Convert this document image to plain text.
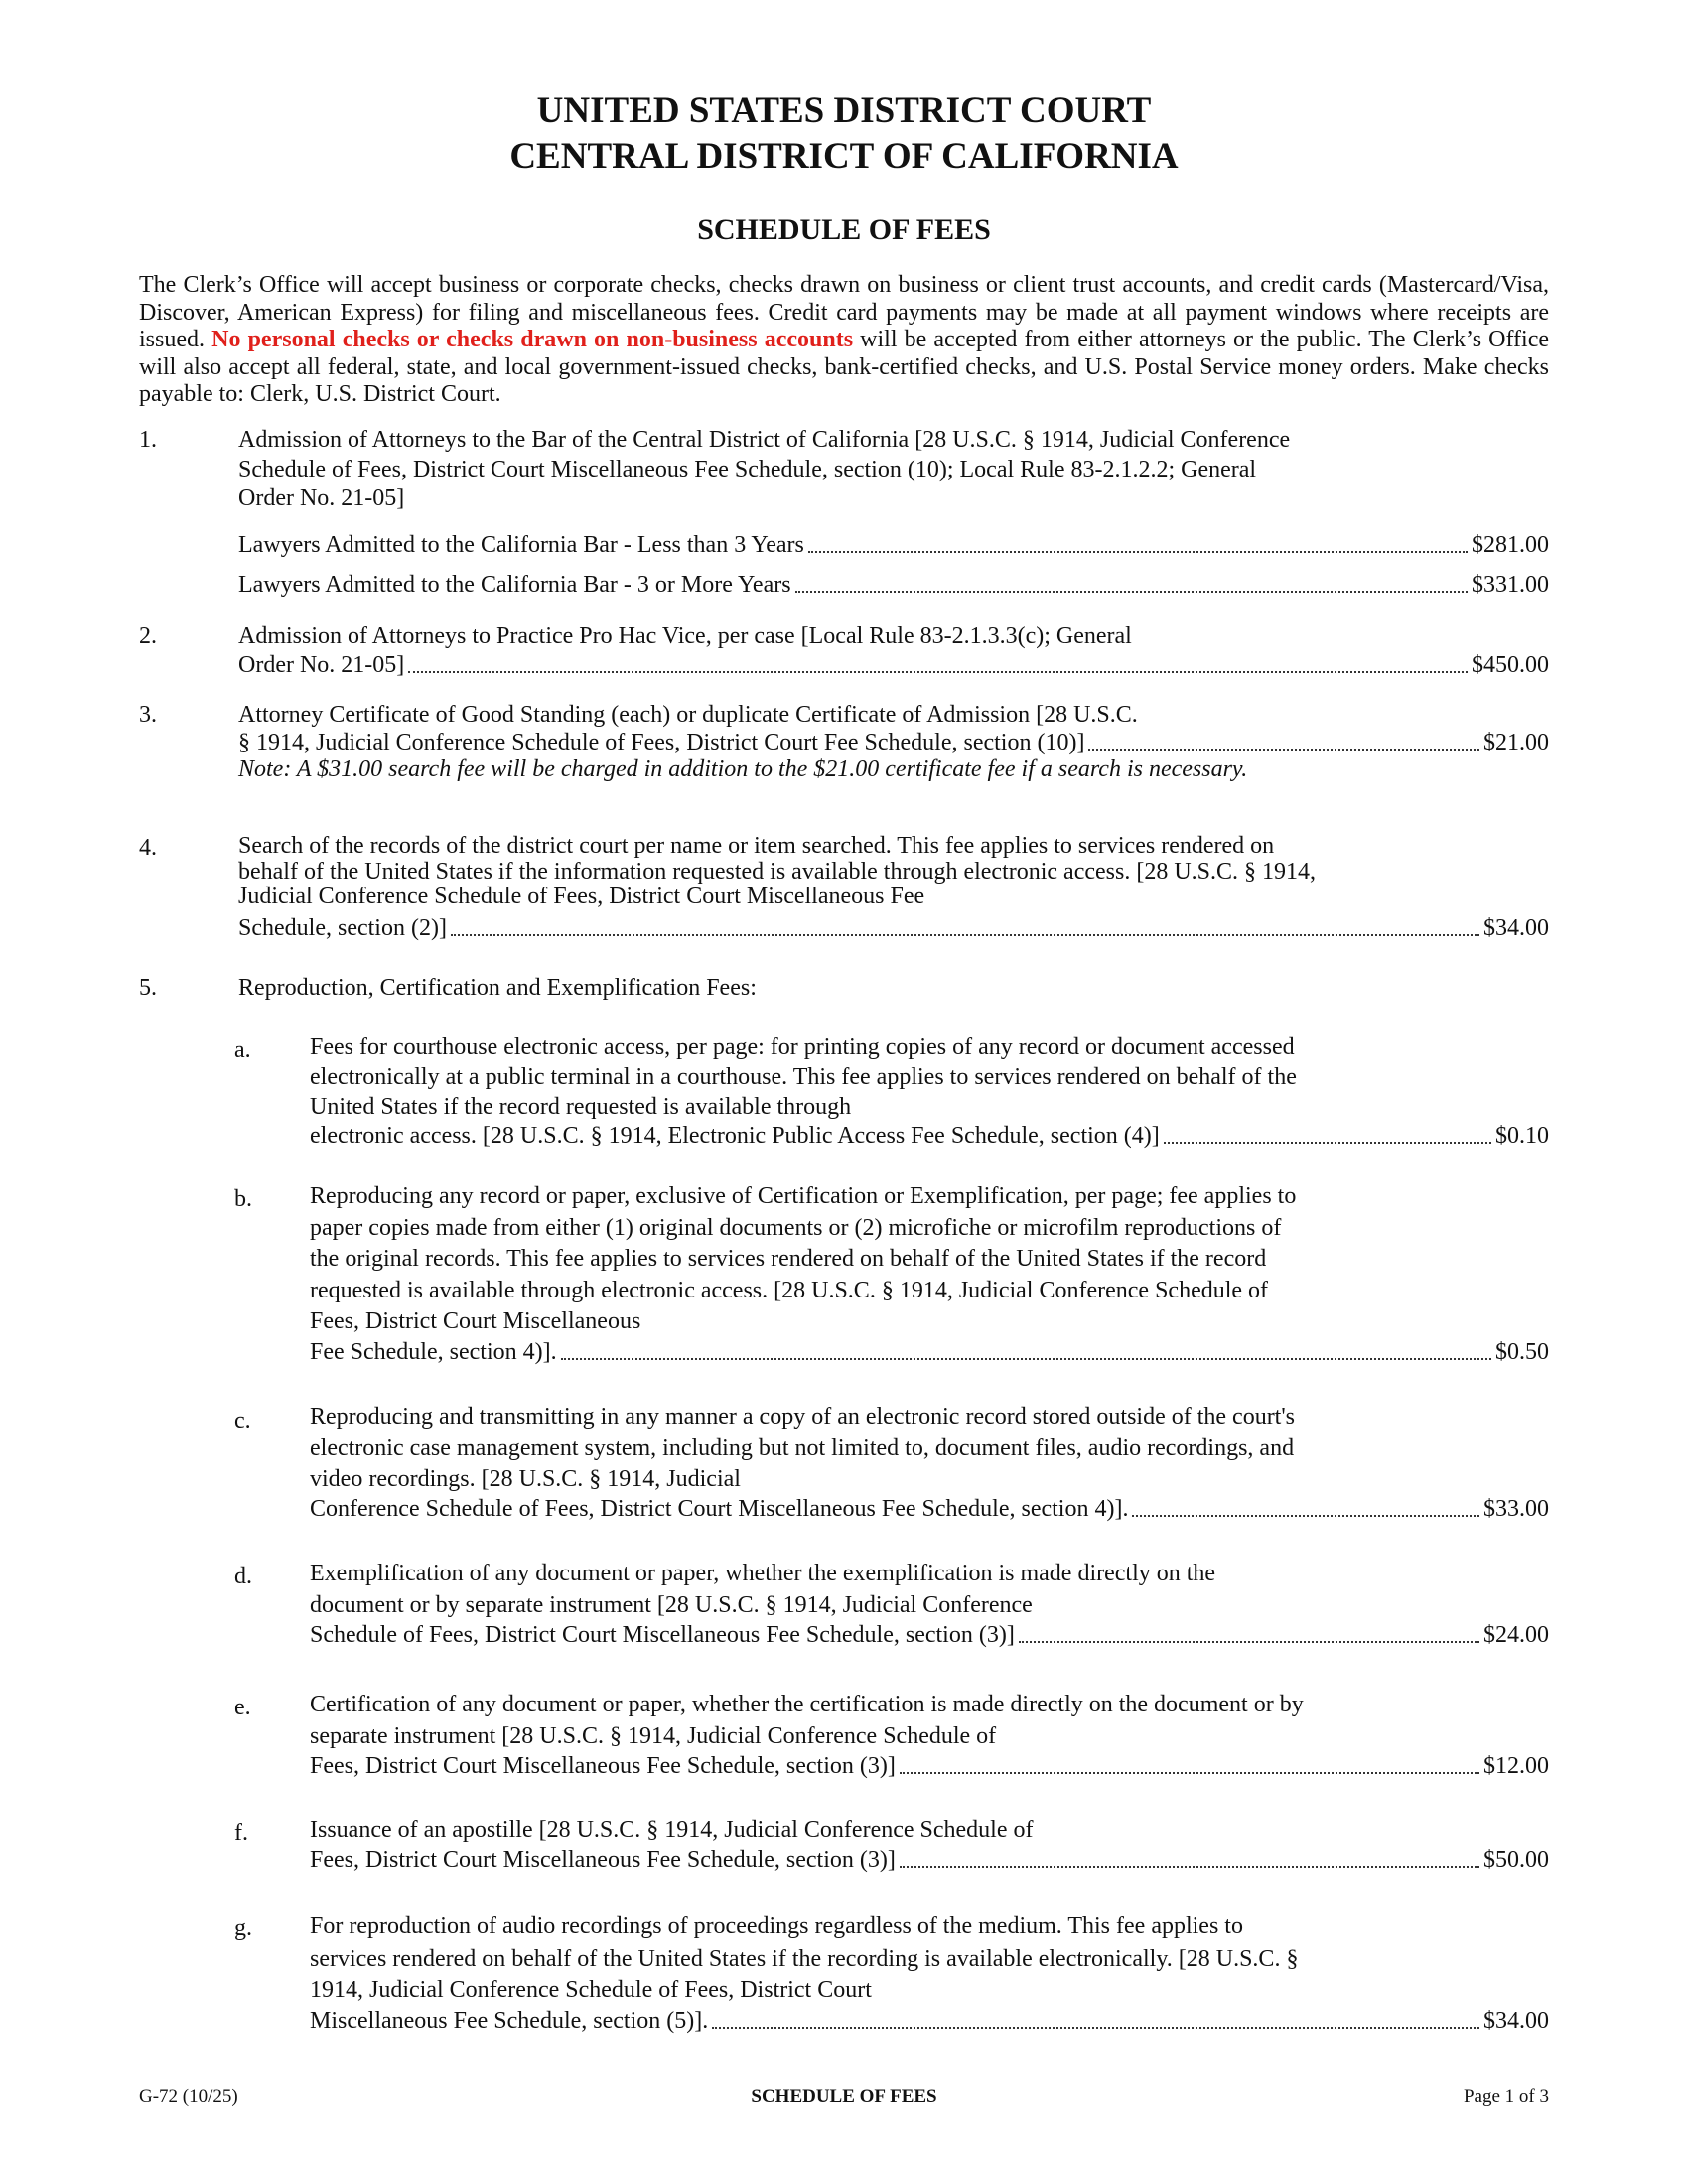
UNITED STATES DISTRICT COURT
CENTRAL DISTRICT OF CALIFORNIA
SCHEDULE OF FEES

The Clerk’s Office will accept business or corporate checks, checks drawn on business or client trust accounts, and credit cards (Mastercard/Visa, Discover, American Express) for filing and miscellaneous fees. Credit card payments may be made at all payment windows where receipts are issued. No personal checks or checks drawn on non-business accounts will be accepted from either attorneys or the public. The Clerk’s Office will also accept all federal, state, and local government-issued checks, bank-certified checks, and U.S. Postal Service money orders. Make checks payable to: Clerk, U.S. District Court.

1.	Admission of Attorneys to the Bar of the Central District of California [28 U.S.C. § 1914, Judicial Conference Schedule of Fees, District Court Miscellaneous Fee Schedule, section (10); Local Rule 83-2.1.2.2; General Order No. 21-05]

Lawyers Admitted to the California Bar - Less than 3 Years	$281.00
Lawyers Admitted to the California Bar - 3 or More Years	$331.00
2.	Admission of Attorneys to Practice Pro Hac Vice, per case [Local Rule 83-2.1.3.3(c); General

Order No. 21-05]	$450.00
3.	Attorney Certificate of Good Standing (each) or duplicate Certificate of Admission [28 U.S.C.

§ 1914, Judicial Conference Schedule of Fees, District Court Fee Schedule, section (10)]	$21.00

Note: A $31.00 search fee will be charged in addition to the $21.00 certificate fee if a search is necessary.

4.	Search of the records of the district court per name or item searched. This fee applies to services rendered on behalf of the United States if the information requested is available through electronic access. [28 U.S.C. § 1914, Judicial Conference Schedule of Fees, District Court Miscellaneous Fee

Schedule, section (2)]	$34.00
5.	Reproduction, Certification and Exemplification Fees:

a. Fees for courthouse electronic access, per page: for printing copies of any record or document accessed electronically at a public terminal in a courthouse. This fee applies to services rendered on behalf of the United States if the record requested is available through

electronic access. [28 U.S.C. § 1914, Electronic Public Access Fee Schedule, section (4)]	$0.10
b. Reproducing any record or paper, exclusive of Certification or Exemplification, per page; fee applies to paper copies made from either (1) original documents or (2) microfiche or microfilm reproductions of the original records. This fee applies to services rendered on behalf of the United States if the record requested is available through electronic access. [28 U.S.C. § 1914, Judicial Conference Schedule of Fees, District Court Miscellaneous

Fee Schedule, section 4)].	$0.50
c. Reproducing and transmitting in any manner a copy of an electronic record stored outside of the court's electronic case management system, including but not limited to, document files, audio recordings, and video recordings. [28 U.S.C. § 1914, Judicial

Conference Schedule of Fees, District Court Miscellaneous Fee Schedule, section 4)].	$33.00
d. Exemplification of any document or paper, whether the exemplification is made directly on the document or by separate instrument [28 U.S.C. § 1914, Judicial Conference

Schedule of Fees, District Court Miscellaneous Fee Schedule, section (3)]	$24.00
e. Certification of any document or paper, whether the certification is made directly on the document or by separate instrument [28 U.S.C. § 1914, Judicial Conference Schedule of

Fees, District Court Miscellaneous Fee Schedule, section (3)]	$12.00
f.	Issuance of an apostille [28 U.S.C. § 1914, Judicial Conference Schedule of

Fees, District Court Miscellaneous Fee Schedule, section (3)]	$50.00
g. For reproduction of audio recordings of proceedings regardless of the medium. This fee applies to services rendered on behalf of the United States if the recording is available electronically. [28 U.S.C. § 1914, Judicial Conference Schedule of Fees, District Court

Miscellaneous Fee Schedule, section (5)].	$34.00
G-72 (10/25)	SCHEDULE OF FEES	Page 1 of 3
